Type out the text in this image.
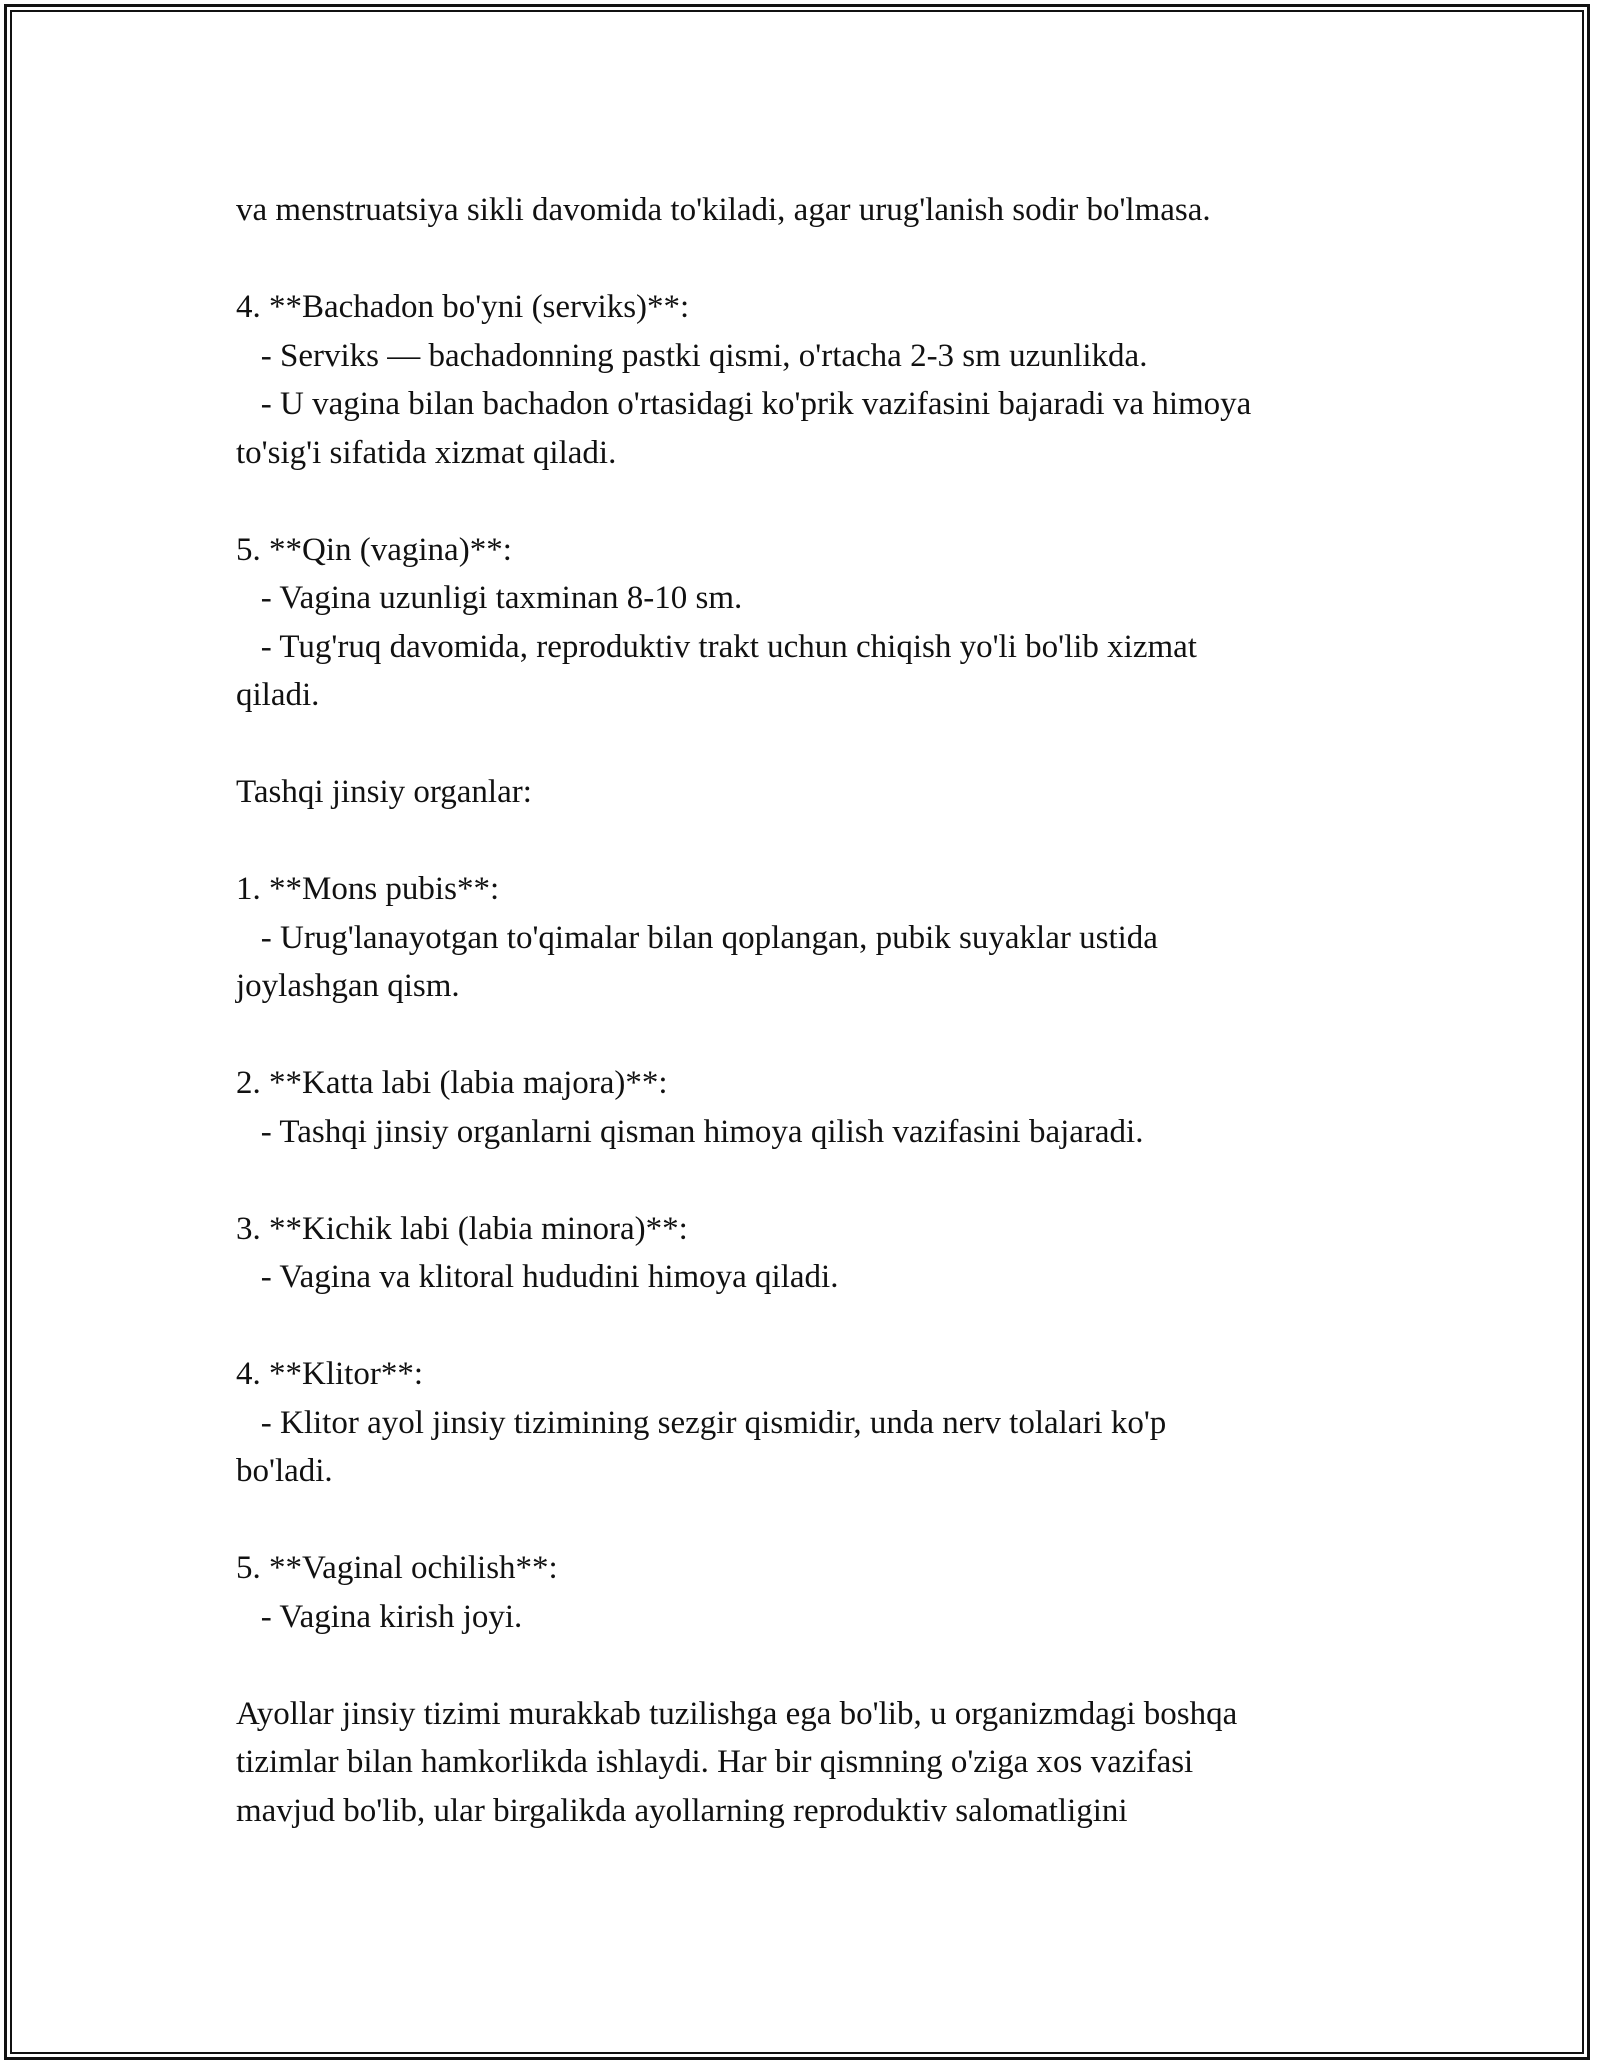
va menstruatsiya sikli davomida to'kiladi, agar urug'lanish sodir bo'lmasa.

4. **Bachadon bo'yni (serviks)**:

- Serviks — bachadonning pastki qismi, o'rtacha 2-3 sm uzunlikda.

- U vagina bilan bachadon o'rtasidagi ko'prik vazifasini bajaradi va himoya

to'sig'i sifatida xizmat qiladi.

5. **Qin (vagina)**:

- Vagina uzunligi taxminan 8-10 sm.

- Tug'ruq davomida, reproduktiv trakt uchun chiqish yo'li bo'lib xizmat

qiladi.

Tashqi jinsiy organlar:

1. **Mons pubis**:

- Urug'lanayotgan to'qimalar bilan qoplangan, pubik suyaklar ustida

joylashgan qism.

2. **Katta labi (labia majora)**:

- Tashqi jinsiy organlarni qisman himoya qilish vazifasini bajaradi.

3. **Kichik labi (labia minora)**:

- Vagina va klitoral hududini himoya qiladi.

4. **Klitor**:

- Klitor ayol jinsiy tizimining sezgir qismidir, unda nerv tolalari ko'p

bo'ladi.

5. **Vaginal ochilish**:

- Vagina kirish joyi.

Ayollar jinsiy tizimi murakkab tuzilishga ega bo'lib, u organizmdagi boshqa

tizimlar bilan hamkorlikda ishlaydi. Har bir qismning o'ziga xos vazifasi

mavjud bo'lib, ular birgalikda ayollarning reproduktiv salomatligini
